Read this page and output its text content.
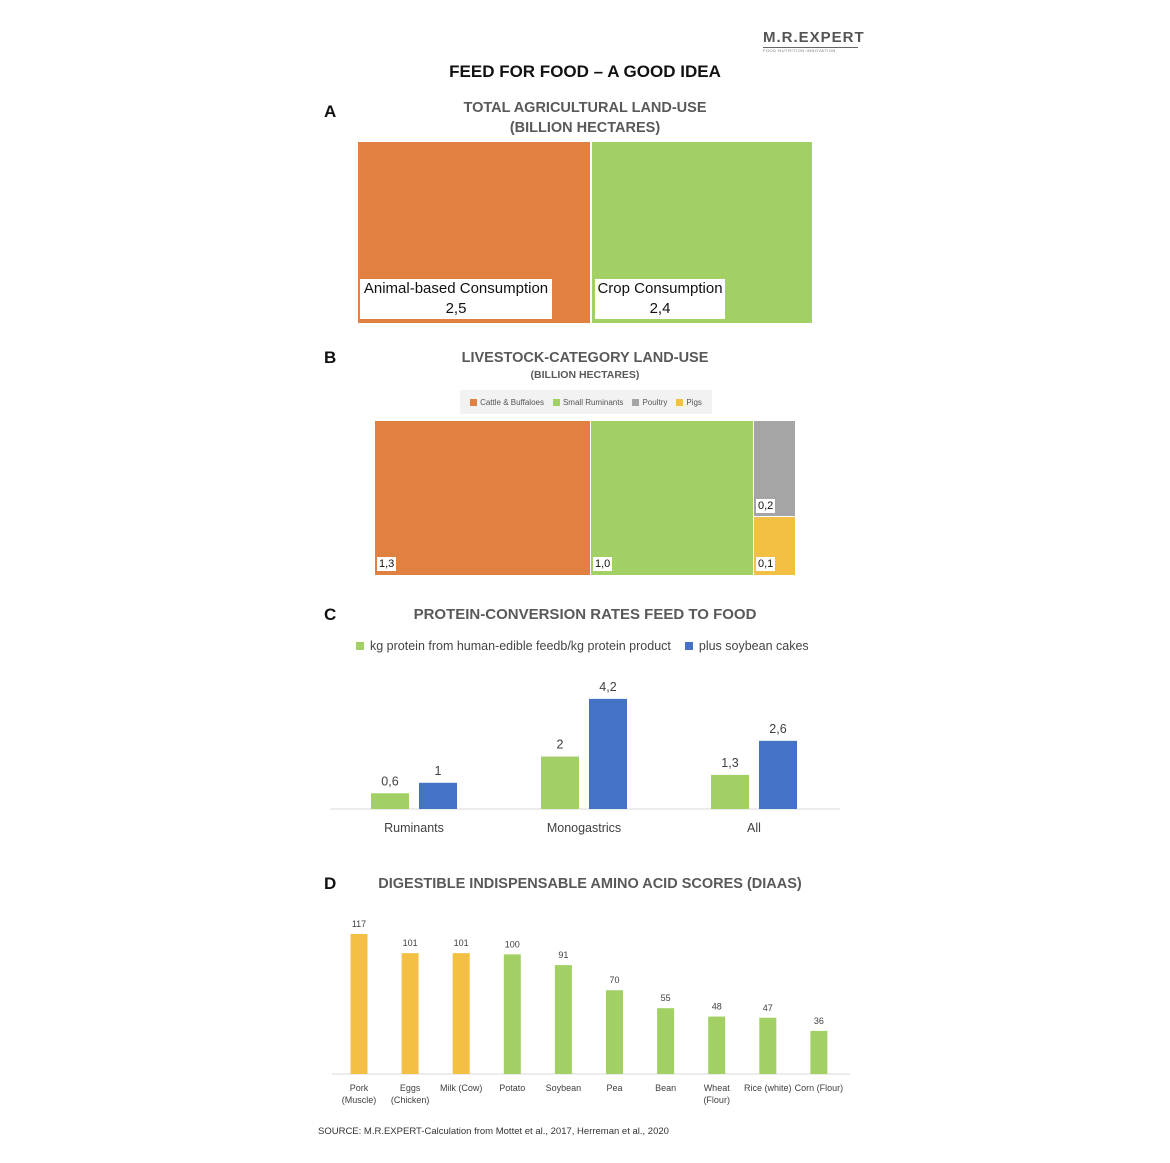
M.R.EXPERT
FOOD·NUTRITION·INNOVATION
FEED FOR FOOD – A GOOD IDEA
A	TOTAL AGRICULTURAL LAND-USE
(BILLION HECTARES)
Animal-based Consumption
2,5
Crop Consumption
2,4
B	LIVESTOCK-CATEGORY LAND-USE
(BILLION HECTARES)
Cattle & Buffaloes Small Ruminants Poultry Pigs
1,3	1,0
0,2
0,1
C	PROTEIN-CONVERSION RATES FEED TO FOOD
kg protein from human-edible feedb/kg protein product plus soybean cakes
0,6
1
Ruminants
2
4,2
Monogastrics
1,3
2,6
All
D	DIGESTIBLE INDISPENSABLE AMINO ACID SCORES (DIAAS)
117
Pork
(Muscle)
101
Eggs
(Chicken)
101
Milk (Cow)
100
Potato
91
Soybean
70
Pea
55
Bean
48
Wheat
(Flour)
47
Rice (white)
36
Corn (Flour)
SOURCE: M.R.EXPERT-Calculation from Mottet et al., 2017, Herreman et al., 2020
